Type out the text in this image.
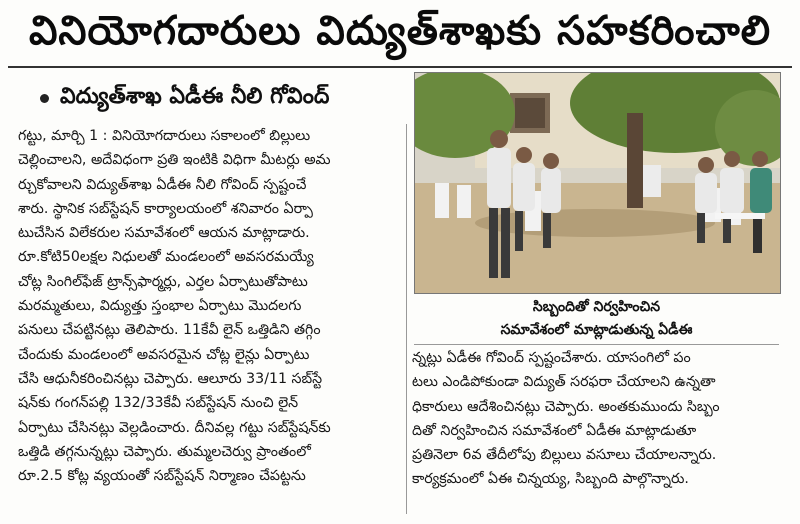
వినియోగదారులు విద్యుత్‌శాఖకు సహకరించాలి
విద్యుత్‌శాఖ ఏడీఈ నీలి గోవింద్

గట్టు, మార్చి 1 : వినియోగదారులు సకాలంలో బిల్లులు
చెల్లించాలని, అదేవిధంగా ప్రతి ఇంటికి విధిగా మీటర్లు అమ
ర్చుకోవాలని విద్యుత్‌శాఖ ఏడీఈ నీలి గోవింద్ స్పష్టంచే
శారు. స్థానిక సబ్‌స్టేషన్ కార్యాలయంలో శనివారం ఏర్పా
టుచేసిన విలేకరుల సమావేశంలో ఆయన మాట్లాడారు.
రూ.కోటి50లక్షల నిధులతో మండలంలో అవసరమయ్యే
చోట్ల సింగిల్‌ఫేజ్ ట్రాన్స్‌ఫార్మర్లు, ఎర్తల ఏర్పాటుతోపాటు
మరమ్మతులు, విద్యుత్తు స్తంభాల ఏర్పాటు మొదలగు
పనులు చేపట్టినట్లు తెలిపారు. 11కేవీ లైన్ ఒత్తిడిని తగ్గిం
చేందుకు మండలంలో అవసరమైన చోట్ల లైన్లు ఏర్పాటు
చేసి ఆధునీకరించినట్లు చెప్పారు. ఆలూరు 33/11 సబ్‌స్టే
షన్‌కు గంగన్‌పల్లి 132/33కేవీ సబ్‌స్టేషన్ నుంచి లైన్
ఏర్పాటు చేసినట్లు వెల్లడించారు. దీనివల్ల గట్టు సబ్‌స్టేషన్‌కు
ఒత్తిడి తగ్గనున్నట్లు చెప్పారు. తుమ్మలచెర్వు ప్రాంతంలో
రూ.2.5 కోట్ల వ్యయంతో సబ్‌స్టేషన్ నిర్మాణం చేపట్టను

సిబ్బందితో నిర్వహించిన
సమావేశంలో మాట్లాడుతున్న ఏడీఈ

న్నట్లు ఏడీఈ గోవింద్ స్పష్టంచేశారు. యాసంగిలో పం
టలు ఎండిపోకుండా విద్యుత్ సరఫరా చేయాలని ఉన్నతా
ధికారులు ఆదేశించినట్లు చెప్పారు. అంతకుముందు సిబ్బం
దితో నిర్వహించిన సమావేశంలో ఏడీఈ మాట్లాడుతూ
ప్రతినెలా 6వ తేదీలోపు బిల్లులు వసూలు చేయాలన్నారు.
కార్యక్రమంలో ఏఈ చిన్నయ్య, సిబ్బంది పాల్గొన్నారు.
